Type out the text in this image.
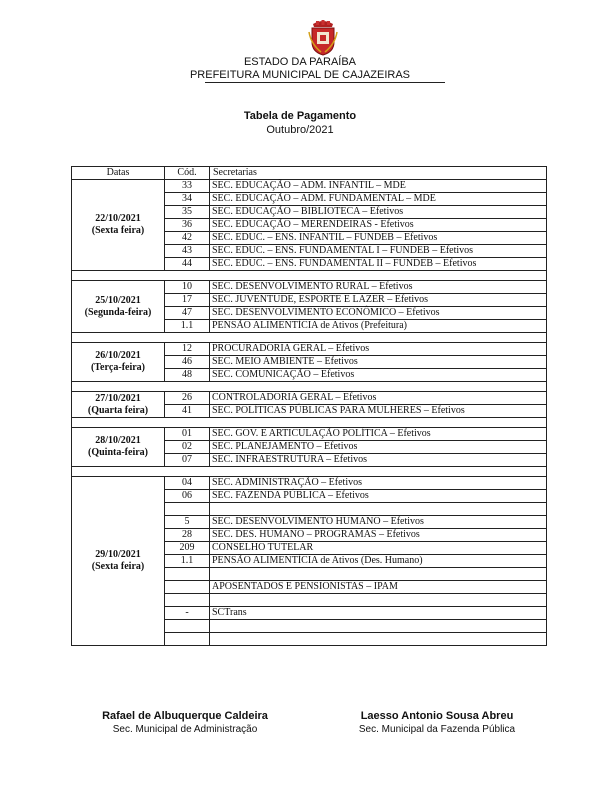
ESTADO DA PARAÍBA
PREFEITURA MUNICIPAL DE CAJAZEIRAS
Tabela de Pagamento
Outubro/2021
Datas	Cód.	Secretarias
22/10/2021
(Sexta feira)	33	SEC. EDUCAÇÃO – ADM. INFANTIL – MDE
	34	SEC. EDUCAÇÃO – ADM. FUNDAMENTAL – MDE
	35	SEC. EDUCAÇÃO – BIBLIOTECA – Efetivos
	36	SEC. EDUCAÇÃO – MERENDEIRAS - Efetivos
	42	SEC. EDUC. – ENS. INFANTIL – FUNDEB – Efetivos
	43	SEC. EDUC. – ENS. FUNDAMENTAL I – FUNDEB – Efetivos
	44	SEC. EDUC. – ENS. FUNDAMENTAL II – FUNDEB – Efetivos

25/10/2021
(Segunda-feira)	10	SEC. DESENVOLVIMENTO RURAL – Efetivos
	17	SEC. JUVENTUDE, ESPORTE E LAZER – Efetivos
	47	SEC. DESENVOLVIMENTO ECONÔMICO – Efetivos
	1.1	PENSÃO ALIMENTÍCIA de Ativos (Prefeitura)

26/10/2021
(Terça-feira)	12	PROCURADORIA GERAL – Efetivos
	46	SEC. MEIO AMBIENTE – Efetivos
	48	SEC. COMUNICAÇÃO – Efetivos

27/10/2021
(Quarta feira)	26	CONTROLADORIA GERAL – Efetivos
	41	SEC. POLÍTICAS PÚBLICAS PARA MULHERES – Efetivos

28/10/2021
(Quinta-feira)	01	SEC. GOV. E ARTICULAÇÃO POLÍTICA – Efetivos
	02	SEC. PLANEJAMENTO – Efetivos
	07	SEC. INFRAESTRUTURA – Efetivos

29/10/2021
(Sexta feira)	04	SEC. ADMINISTRAÇÃO – Efetivos
	06	SEC. FAZENDA PÚBLICA – Efetivos

	5	SEC. DESENVOLVIMENTO HUMANO – Efetivos
	28	SEC. DES. HUMANO – PROGRAMAS – Efetivos
	209	CONSELHO TUTELAR
	1.1	PENSÃO ALIMENTÍCIA de Ativos (Des. Humano)

		APOSENTADOS E PENSIONISTAS – IPAM

	-	SCTrans

Rafael de Albuquerque Caldeira
Sec. Municipal de Administração
Laesso Antonio Sousa Abreu
Sec. Municipal da Fazenda Pública
